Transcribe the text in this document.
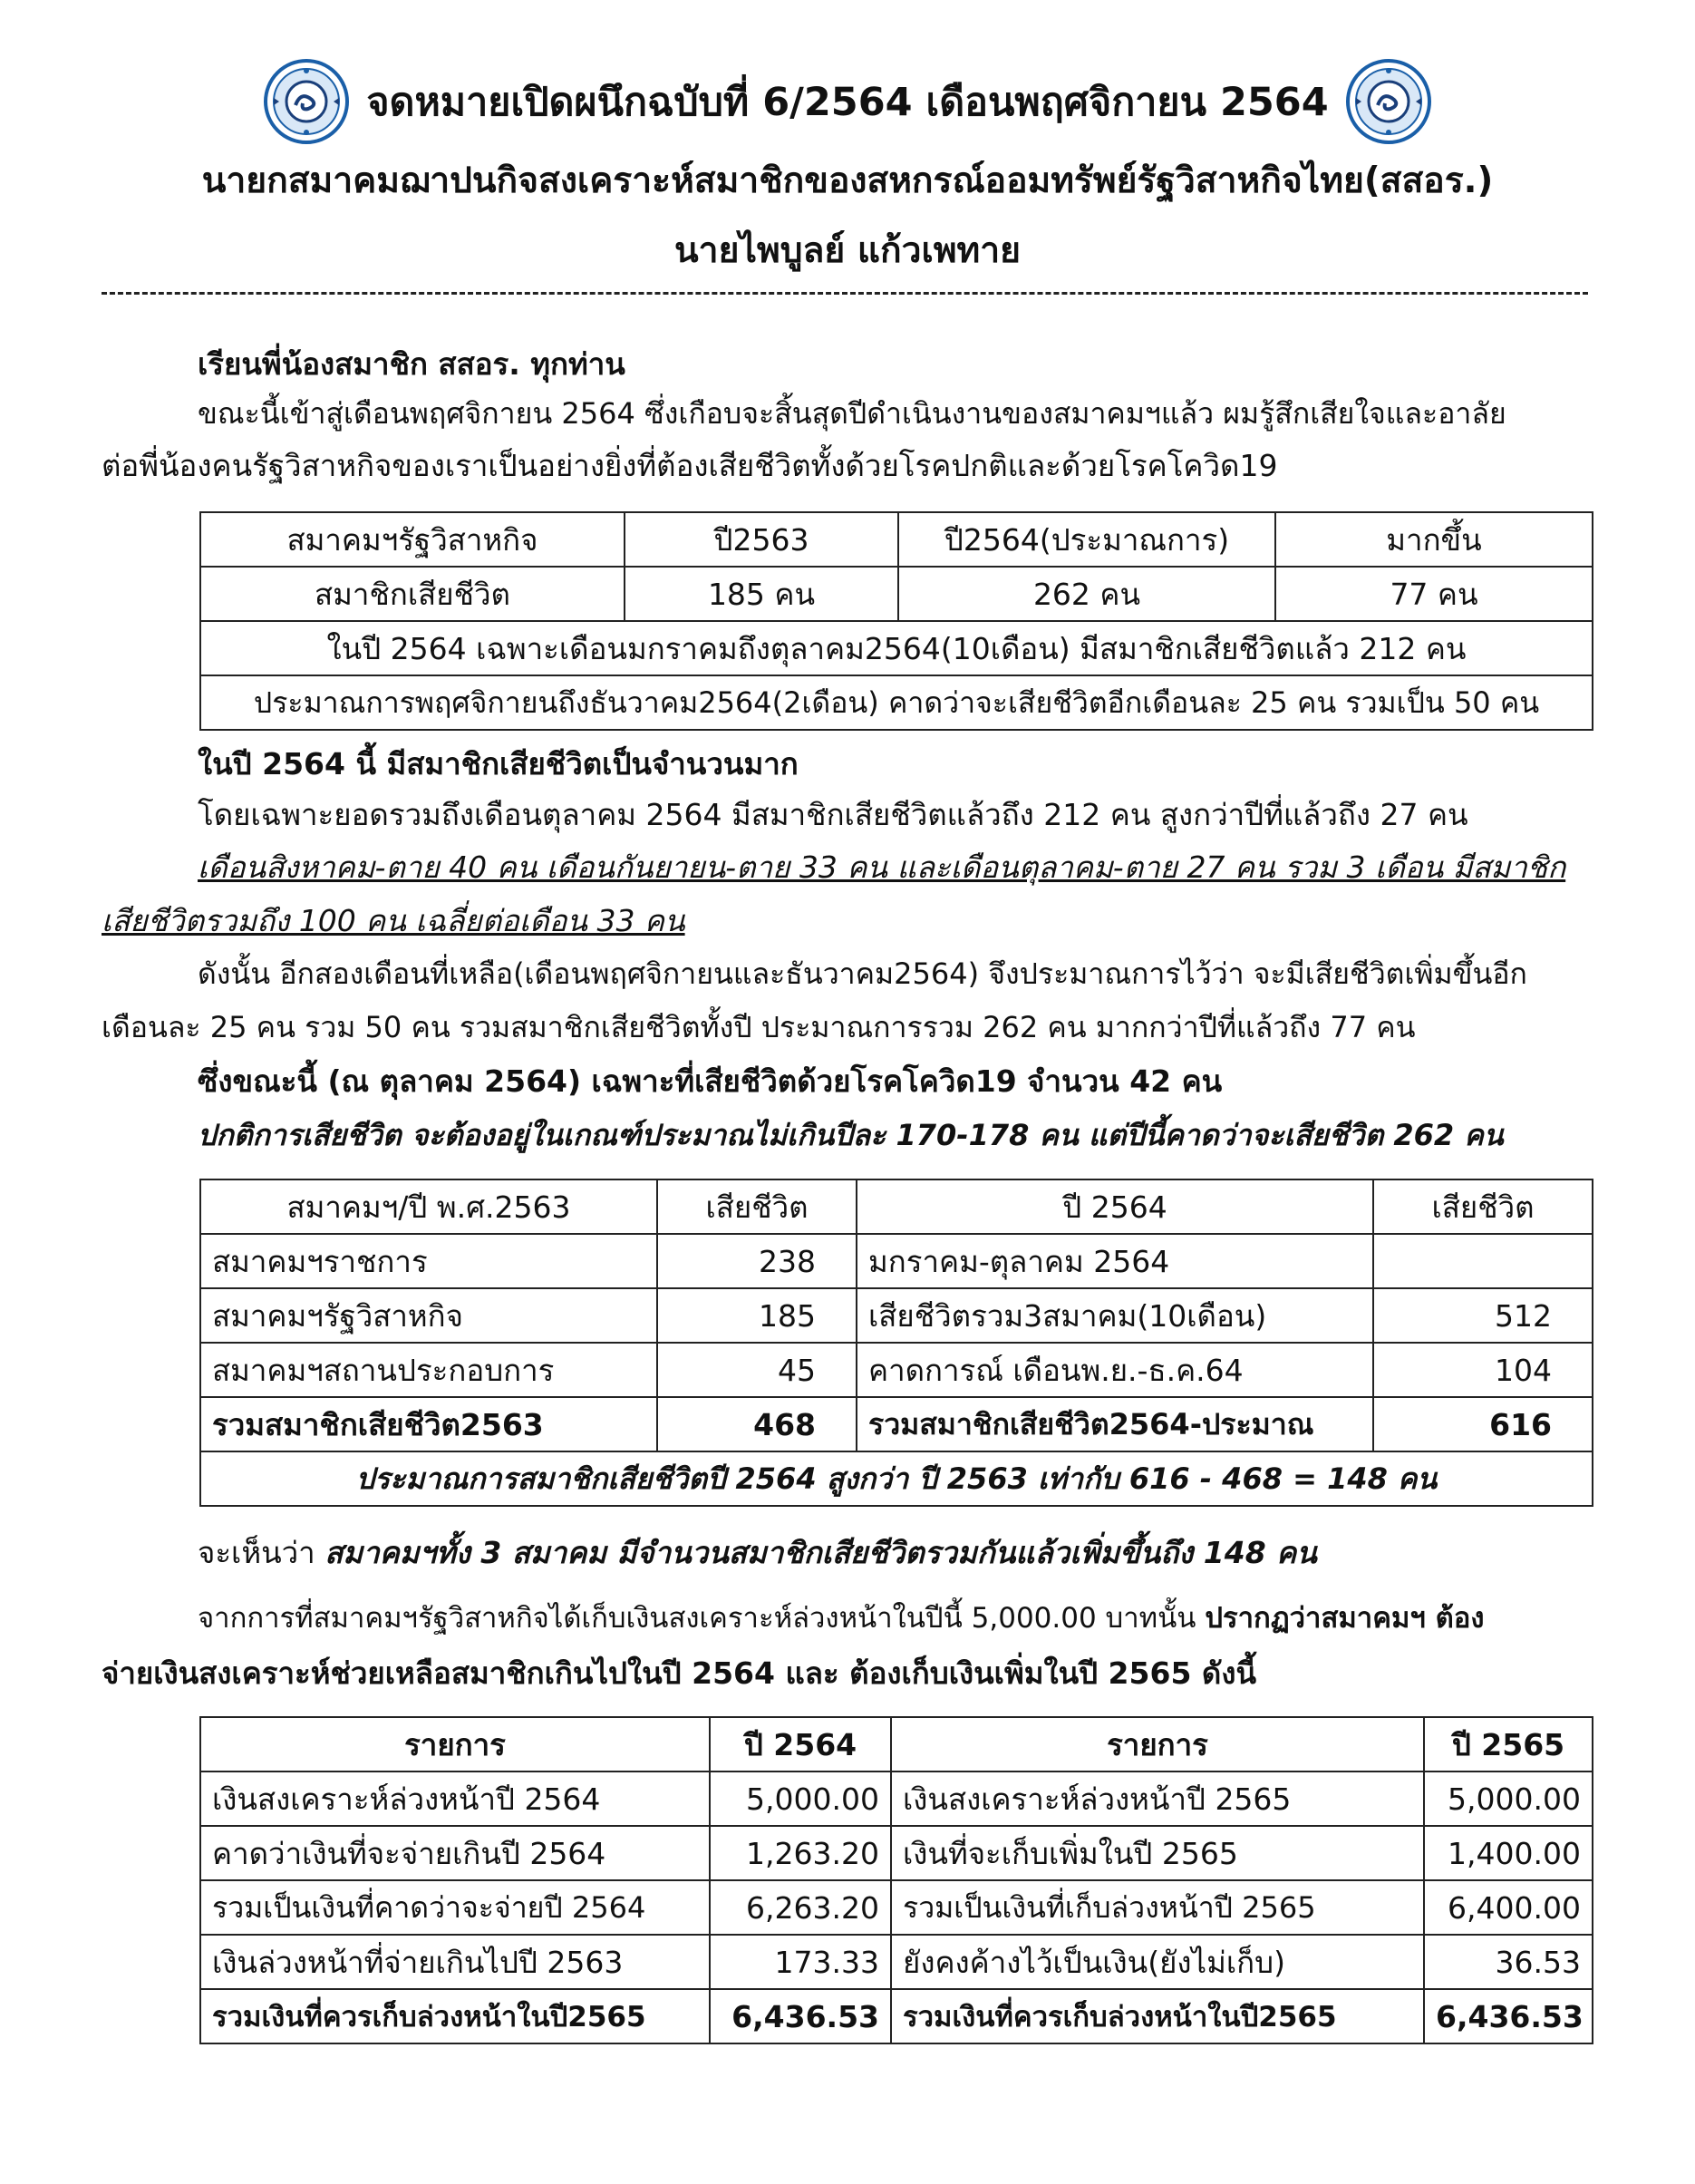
จดหมายเปิดผนึกฉบับที่ 6/2564 เดือนพฤศจิกายน 2564
นายกสมาคมฌาปนกิจสงเคราะห์สมาชิกของสหกรณ์ออมทรัพย์รัฐวิสาหกิจไทย(สสอร.)
นายไพบูลย์ แก้วเพทาย
เรียนพี่น้องสมาชิก สสอร. ทุกท่าน
ขณะนี้เข้าสู่เดือนพฤศจิกายน 2564 ซึ่งเกือบจะสิ้นสุดปีดำเนินงานของสมาคมฯแล้ว ผมรู้สึกเสียใจและอาลัย
ต่อพี่น้องคนรัฐวิสาหกิจของเราเป็นอย่างยิ่งที่ต้องเสียชีวิตทั้งด้วยโรคปกติและด้วยโรคโควิด19
สมาคมฯรัฐวิสาหกิจ	ปี2563	ปี2564(ประมาณการ)	มากขึ้น
สมาชิกเสียชีวิต	185 คน	262 คน	77 คน
ในปี 2564 เฉพาะเดือนมกราคมถึงตุลาคม2564(10เดือน) มีสมาชิกเสียชีวิตแล้ว 212 คน			
ประมาณการพฤศจิกายนถึงธันวาคม2564(2เดือน) คาดว่าจะเสียชีวิตอีกเดือนละ 25 คน รวมเป็น 50 คน			
ในปี 2564 นี้ มีสมาชิกเสียชีวิตเป็นจำนวนมาก
โดยเฉพาะยอดรวมถึงเดือนตุลาคม 2564 มีสมาชิกเสียชีวิตแล้วถึง 212 คน สูงกว่าปีที่แล้วถึง 27 คน
เดือนสิงหาคม-ตาย 40 คน เดือนกันยายน-ตาย 33 คน และเดือนตุลาคม-ตาย 27 คน รวม 3 เดือน มีสมาชิก
เสียชีวิตรวมถึง 100 คน เฉลี่ยต่อเดือน 33 คน
ดังนั้น อีกสองเดือนที่เหลือ(เดือนพฤศจิกายนและธันวาคม2564) จึงประมาณการไว้ว่า จะมีเสียชีวิตเพิ่มขึ้นอีก
เดือนละ 25 คน รวม 50 คน รวมสมาชิกเสียชีวิตทั้งปี ประมาณการรวม 262 คน มากกว่าปีที่แล้วถึง 77 คน
ซึ่งขณะนี้ (ณ ตุลาคม 2564) เฉพาะที่เสียชีวิตด้วยโรคโควิด19 จำนวน 42 คน
ปกติการเสียชีวิต จะต้องอยู่ในเกณฑ์ประมาณไม่เกินปีละ 170-178 คน แต่ปีนี้คาดว่าจะเสียชีวิต 262 คน
สมาคมฯ/ปี พ.ศ.2563	เสียชีวิต	ปี 2564	เสียชีวิต
สมาคมฯราชการ	238	มกราคม-ตุลาคม 2564	
สมาคมฯรัฐวิสาหกิจ	185	เสียชีวิตรวม3สมาคม(10เดือน)	512
สมาคมฯสถานประกอบการ	45	คาดการณ์ เดือนพ.ย.-ธ.ค.64	104
รวมสมาชิกเสียชีวิต2563	468	รวมสมาชิกเสียชีวิต2564-ประมาณ	616
ประมาณการสมาชิกเสียชีวิตปี 2564 สูงกว่า ปี 2563 เท่ากับ 616 - 468 = 148 คน			
จะเห็นว่า สมาคมฯทั้ง 3 สมาคม มีจำนวนสมาชิกเสียชีวิตรวมกันแล้วเพิ่มขึ้นถึง 148 คน
จากการที่สมาคมฯรัฐวิสาหกิจได้เก็บเงินสงเคราะห์ล่วงหน้าในปีนี้ 5,000.00 บาทนั้น ปรากฏว่าสมาคมฯ ต้อง
จ่ายเงินสงเคราะห์ช่วยเหลือสมาชิกเกินไปในปี 2564 และ ต้องเก็บเงินเพิ่มในปี 2565 ดังนี้
รายการ	ปี 2564	รายการ	ปี 2565
เงินสงเคราะห์ล่วงหน้าปี 2564	5,000.00	เงินสงเคราะห์ล่วงหน้าปี 2565	5,000.00
คาดว่าเงินที่จะจ่ายเกินปี 2564	1,263.20	เงินที่จะเก็บเพิ่มในปี 2565	1,400.00
รวมเป็นเงินที่คาดว่าจะจ่ายปี 2564	6,263.20	รวมเป็นเงินที่เก็บล่วงหน้าปี 2565	6,400.00
เงินล่วงหน้าที่จ่ายเกินไปปี 2563	173.33	ยังคงค้างไว้เป็นเงิน(ยังไม่เก็บ)	36.53
รวมเงินที่ควรเก็บล่วงหน้าในปี2565	6,436.53	รวมเงินที่ควรเก็บล่วงหน้าในปี2565	6,436.53
